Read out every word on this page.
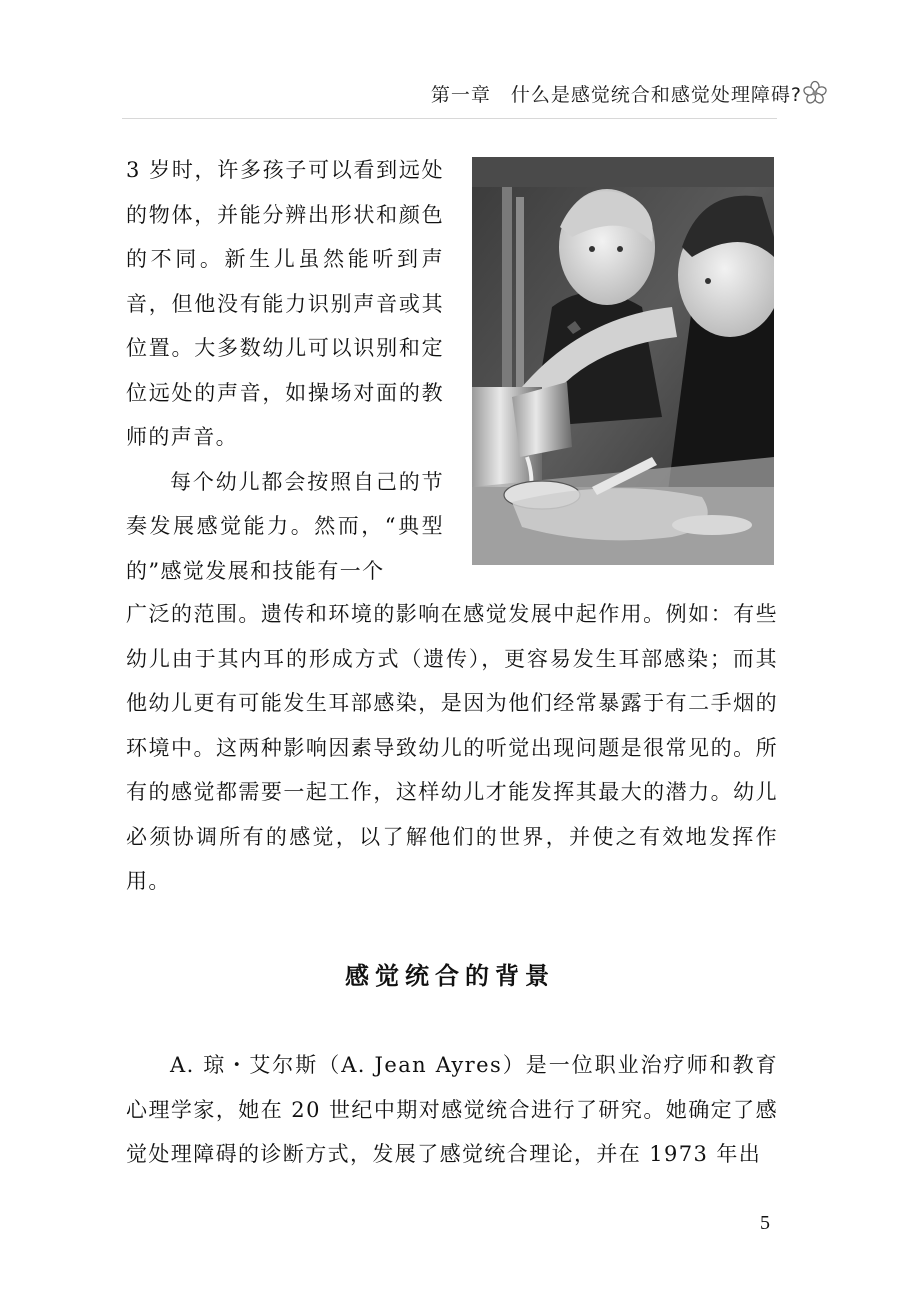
第一章　什么是感觉统合和感觉处理障碍?

3 岁时，许多孩子可以看到远处的物体，并能分辨出形状和颜色的不同。新生儿虽然能听到声音，但他没有能力识别声音或其位置。大多数幼儿可以识别和定位远处的声音，如操场对面的教师的声音。

每个幼儿都会按照自己的节奏发展感觉能力。然而，“典型的”感觉发展和技能有一个

广泛的范围。遗传和环境的影响在感觉发展中起作用。例如：有些幼儿由于其内耳的形成方式（遗传），更容易发生耳部感染；而其他幼儿更有可能发生耳部感染，是因为他们经常暴露于有二手烟的环境中。这两种影响因素导致幼儿的听觉出现问题是很常见的。所有的感觉都需要一起工作，这样幼儿才能发挥其最大的潜力。幼儿必须协调所有的感觉，以了解他们的世界，并使之有效地发挥作用。

感觉统合的背景

A. 琼・艾尔斯（A. Jean Ayres）是一位职业治疗师和教育心理学家，她在 20 世纪中期对感觉统合进行了研究。她确定了感觉处理障碍的诊断方式，发展了感觉统合理论，并在 1973 年出

5
